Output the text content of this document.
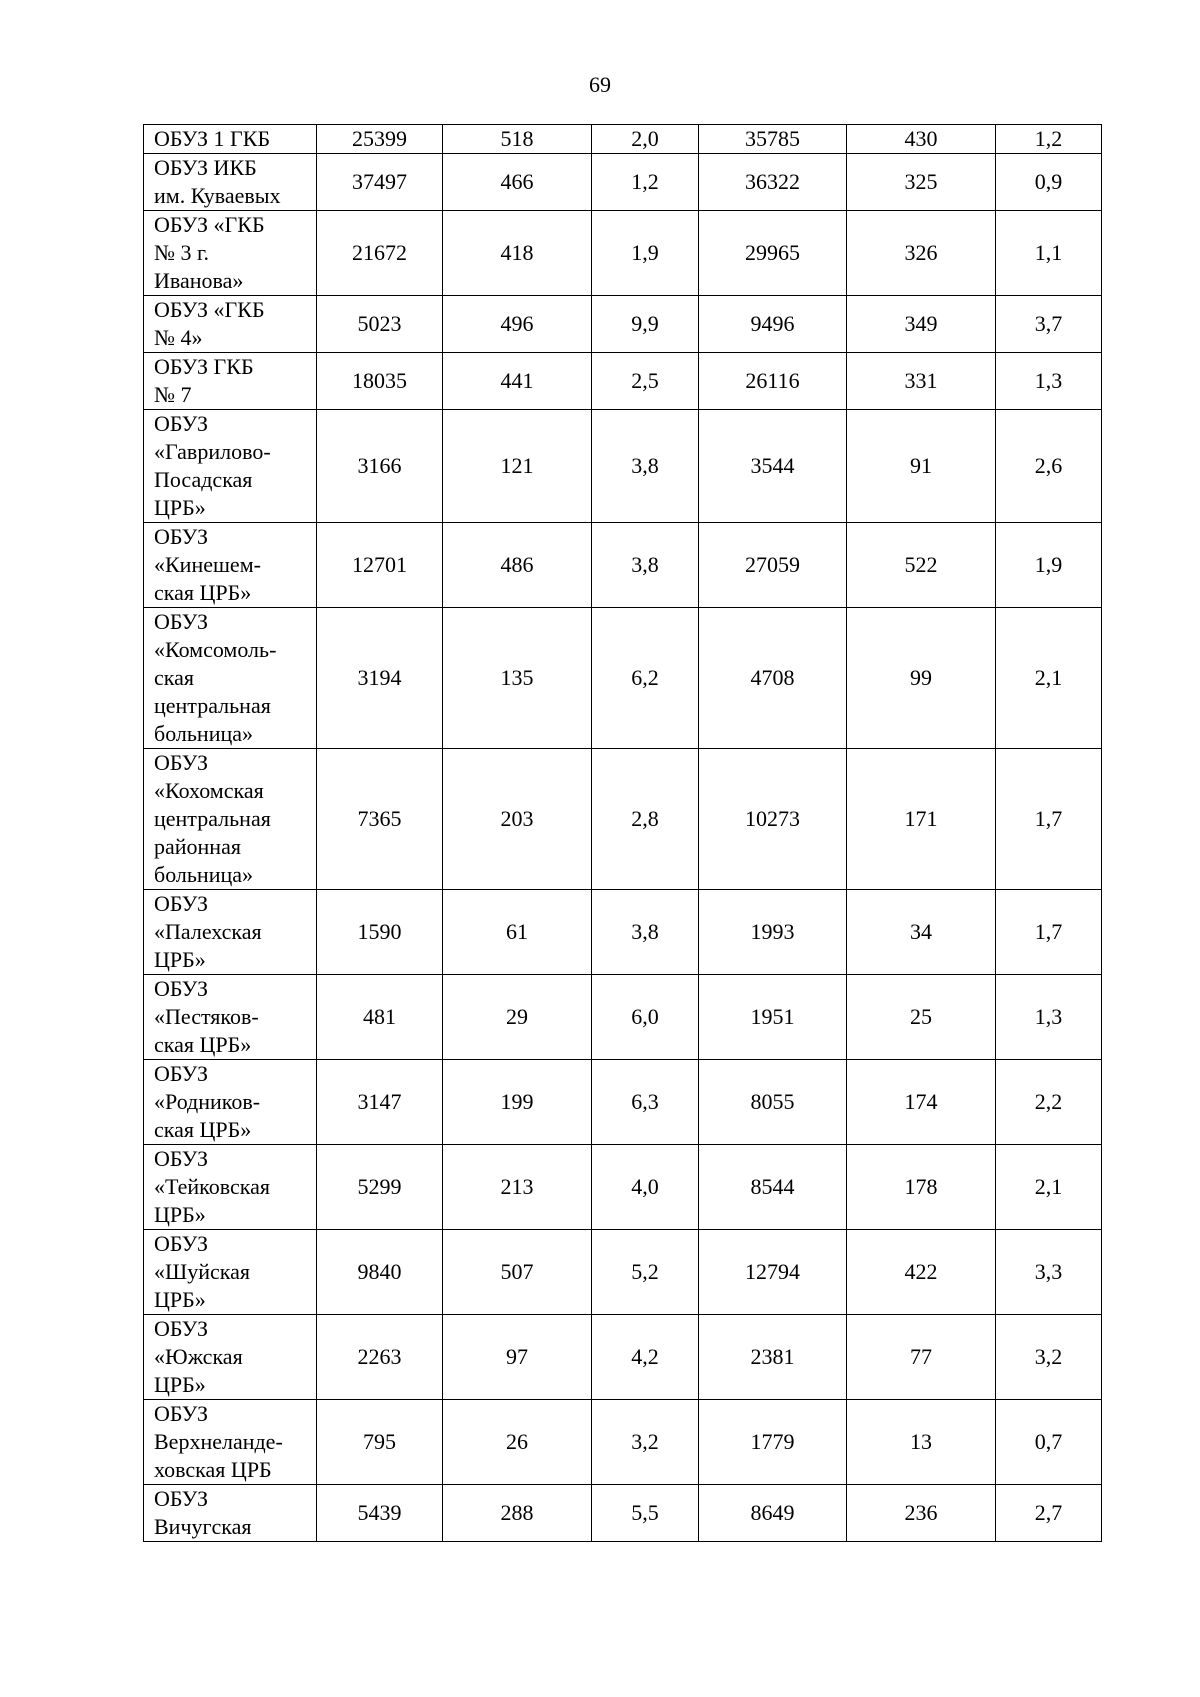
69
ОБУЗ 1 ГКБ	25399	518	2,0	35785	430	1,2
ОБУЗ ИКБ
им. Куваевых	37497	466	1,2	36322	325	0,9
ОБУЗ «ГКБ
№ 3 г.
Иванова»	21672	418	1,9	29965	326	1,1
ОБУЗ «ГКБ
№ 4»	5023	496	9,9	9496	349	3,7
ОБУЗ ГКБ
№ 7	18035	441	2,5	26116	331	1,3
ОБУЗ
«Гаврилово-
Посадская
ЦРБ»	3166	121	3,8	3544	91	2,6
ОБУЗ
«Кинешем-
ская ЦРБ»	12701	486	3,8	27059	522	1,9
ОБУЗ
«Комсомоль-
ская
центральная
больница»	3194	135	6,2	4708	99	2,1
ОБУЗ
«Кохомская
центральная
районная
больница»	7365	203	2,8	10273	171	1,7
ОБУЗ
«Палехская
ЦРБ»	1590	61	3,8	1993	34	1,7
ОБУЗ
«Пестяков-
ская ЦРБ»	481	29	6,0	1951	25	1,3
ОБУЗ
«Родников-
ская ЦРБ»	3147	199	6,3	8055	174	2,2
ОБУЗ
«Тейковская
ЦРБ»	5299	213	4,0	8544	178	2,1
ОБУЗ
«Шуйская
ЦРБ»	9840	507	5,2	12794	422	3,3
ОБУЗ
«Южская
ЦРБ»	2263	97	4,2	2381	77	3,2
ОБУЗ
Верхнеланде-
ховская ЦРБ	795	26	3,2	1779	13	0,7
ОБУЗ
Вичугская	5439	288	5,5	8649	236	2,7
